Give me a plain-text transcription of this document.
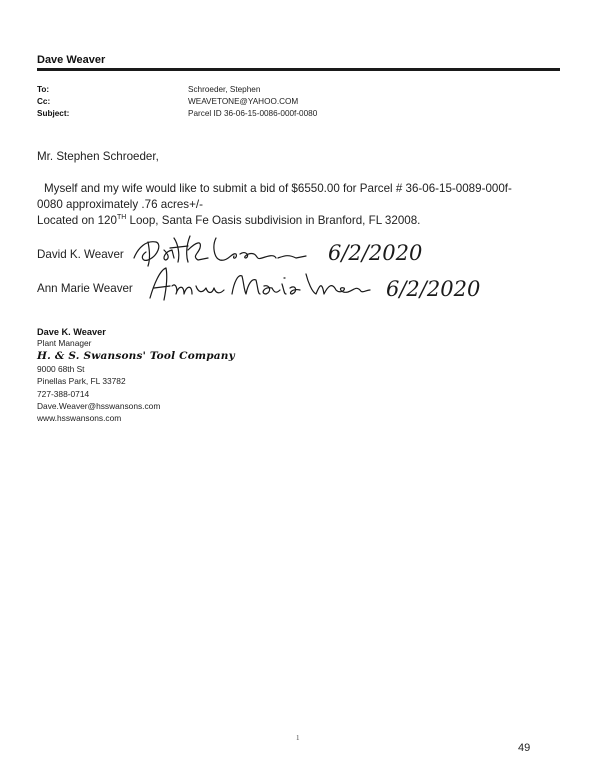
Dave Weaver
To:	Schroeder, Stephen
Cc:	WEAVETONE@YAHOO.COM
Subject:	Parcel ID 36-06-15-0086-000f-0080
Mr. Stephen Schroeder,
Myself and my wife would like to submit a bid of $6550.00 for Parcel # 36-06-15-0089-000f-
0080 approximately .76 acres+/-
Located on 120TH Loop, Santa Fe Oasis subdivision in Branford, FL 32008.
David K. Weaver	6/2/2020
Ann Marie Weaver	6/2/2020
Dave K. Weaver
Plant Manager
H. & S. Swansons' Tool Company
9000 68th St
Pinellas Park, FL 33782
727-388-0714
Dave.Weaver@hsswansons.com
www.hsswansons.com
1
49
